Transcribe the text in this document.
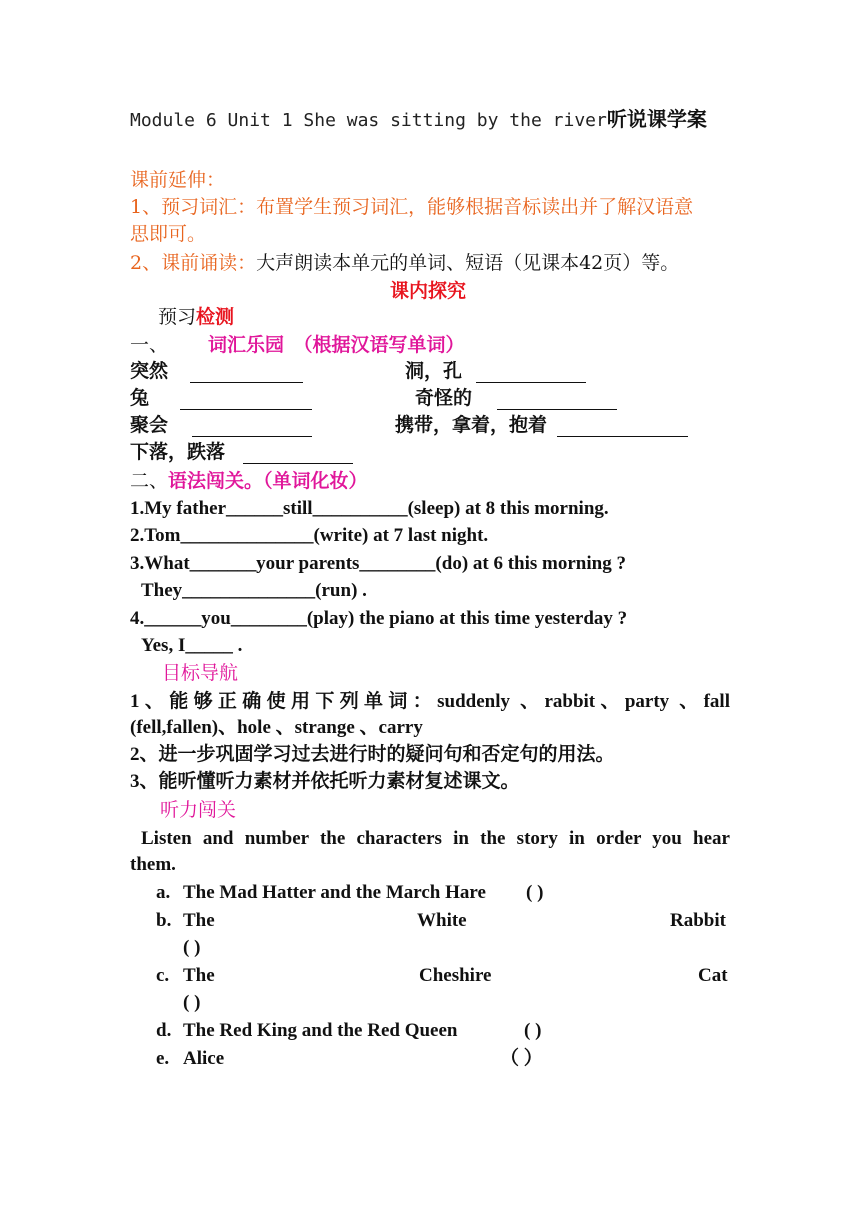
Module 6 Unit 1 She was sitting by the river听说课学案
课前延伸：
1、预习词汇：布置学生预习词汇，能够根据音标读出并了解汉语意
思即可。
2、课前诵读：大声朗读本单元的单词、短语（见课本42页）等。
课内探究
预习检测
一、 词汇乐园　（根据汉语写单词）
突然	洞，孔
兔	奇怪的
聚会	携带，拿着，抱着
下落，跌落
二、语法闯关。（单词化妆）
1.My father______still__________(sleep) at 8 this morning.
2.Tom______________(write) at 7 last night.
3.What_______your parents________(do) at 6 this morning ?
They______________(run) .
4.______you________(play) the piano at this time yesterday ?
Yes, I_____ .
目标导航
1、能够正确使用下列单词：suddenly 、rabbit、party 、fall
(fell,fallen)、hole 、strange 、carry
2、进一步巩固学习过去进行时的疑问句和否定句的用法。
3、能听懂听力素材并依托听力素材复述课文。
听力闯关
Listen and number the characters in the story in order you hear
them.
a. The Mad Hatter and the March Hare ( )
b. The	White	Rabbit
( )
c. The	Cheshire	Cat
( )
d. The Red King and the Red Queen	( )
e. Alice	（ ）
